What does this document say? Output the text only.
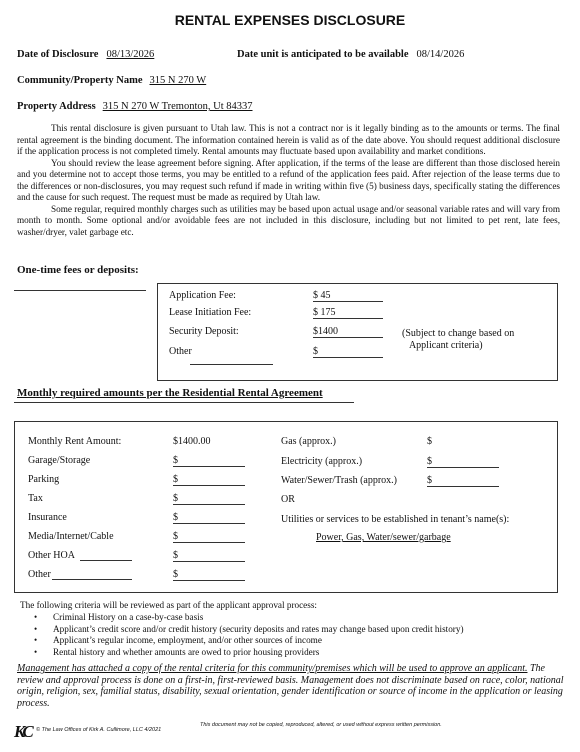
RENTAL EXPENSES DISCLOSURE
Date of Disclosure 08/13/2026	Date unit is anticipated to be available 08/14/2026
Community/Property Name 315 N 270 W
Property Address 315 N 270 W Tremonton, Ut 84337

This rental disclosure is given pursuant to Utah law. This is not a contract nor is it legally binding as to the amounts or terms. The final rental agreement is the binding document. The information contained herein is valid as of the date above. You should request additional disclosure if the application process is not completed timely. Rental amounts may fluctuate based upon availability and market conditions.

You should review the lease agreement before signing. After application, if the terms of the lease are different than those disclosed herein and you determine not to accept those terms, you may be entitled to a refund of the application fees paid. After rejection of the lease terms due to the differences or non-disclosures, you may request such refund if made in writing within five (5) business days, specifically stating the differences and the cause for such request. The request must be made as required by Utah law.

Some regular, required monthly charges such as utilities may be based upon actual usage and/or seasonal variable rates and will vary from month to month. Some optional and/or avoidable fees are not included in this disclosure, including but not limited to pet rent, late fees, washer/dryer, valet garbage etc.

One-time fees or deposits:
Application Fee:	$ 45
Lease Initiation Fee:	$ 175
Security Deposit:	$1400
Other	$
(Subject to change based on
Applicant criteria)
Monthly required amounts per the Residential Rental Agreement
Monthly Rent Amount:	$1400.00
Garage/Storage	$
Parking	$
Tax	$
Insurance	$
Media/Internet/Cable	$
Other HOA	$
Other	$
Gas (approx.)	$
Electricity (approx.)	$
Water/Sewer/Trash (approx.)	$
OR
Utilities or services to be established in tenant’s name(s):
Power, Gas, Water/sewer/garbage
The following criteria will be reviewed as part of the applicant approval process:
• Criminal History on a case-by-case basis
• Applicant’s credit score and/or credit history (security deposits and rates may change based upon credit history)
• Applicant’s regular income, employment, and/or other sources of income
• Rental history and whether amounts are owed to prior housing providers
Management has attached a copy of the rental criteria for this community/premises which will be used to approve an applicant. The review and approval process is done on a first-in, first-reviewed basis. Management does not discriminate based on race, color, national origin, religion, sex, familial status, disability, sexual orientation, gender identification or source of income in the application or leasing process.
KC © The Law Offices of Kirk A. Cullimore, LLC 4/2021
This document may not be copied, reproduced, altered, or used without express written permission.
